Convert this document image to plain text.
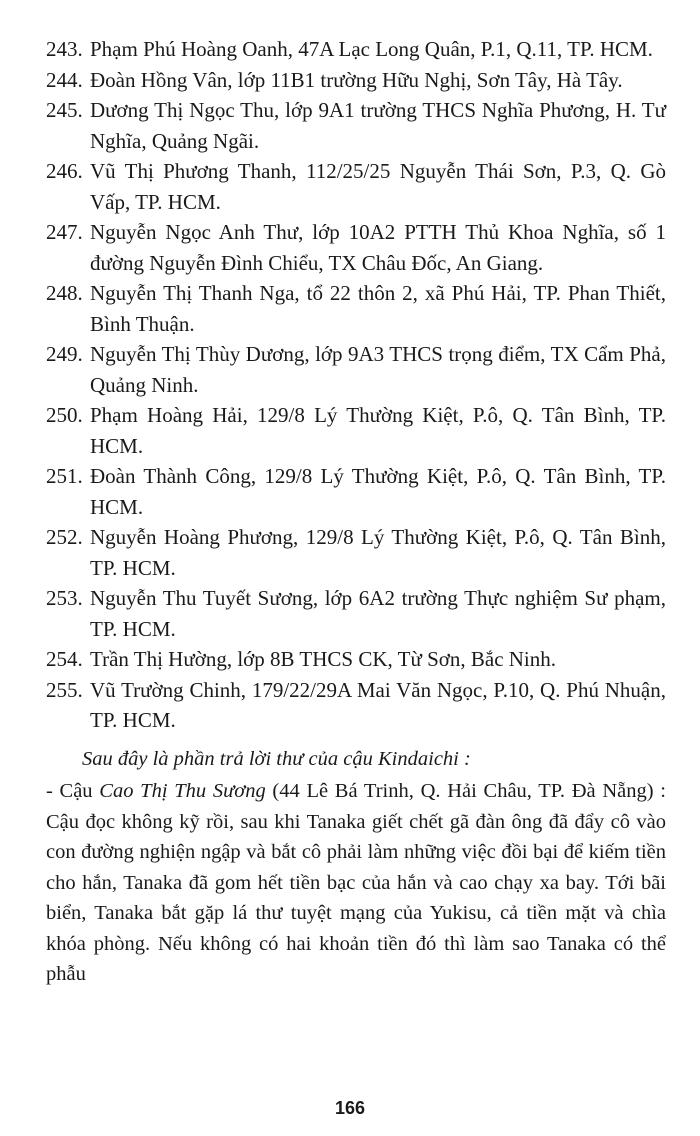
243. Phạm Phú Hoàng Oanh, 47A Lạc Long Quân, P.1, Q.11, TP. HCM.
244. Đoàn Hồng Vân, lớp 11B1 trường Hữu Nghị, Sơn Tây, Hà Tây.
245. Dương Thị Ngọc Thu, lớp 9A1 trường THCS Nghĩa Phương, H. Tư Nghĩa, Quảng Ngãi.
246. Vũ Thị Phương Thanh, 112/25/25 Nguyễn Thái Sơn, P.3, Q. Gò Vấp, TP. HCM.
247. Nguyễn Ngọc Anh Thư, lớp 10A2 PTTH Thủ Khoa Nghĩa, số 1 đường Nguyễn Đình Chiểu, TX Châu Đốc, An Giang.
248. Nguyễn Thị Thanh Nga, tổ 22 thôn 2, xã Phú Hải, TP. Phan Thiết, Bình Thuận.
249. Nguyễn Thị Thùy Dương, lớp 9A3 THCS trọng điểm, TX Cẩm Phả, Quảng Ninh.
250. Phạm Hoàng Hải, 129/8 Lý Thường Kiệt, P.ô, Q. Tân Bình, TP. HCM.
251. Đoàn Thành Công, 129/8 Lý Thường Kiệt, P.ô, Q. Tân Bình, TP. HCM.
252. Nguyễn Hoàng Phương, 129/8 Lý Thường Kiệt, P.ô, Q. Tân Bình, TP. HCM.
253. Nguyễn Thu Tuyết Sương, lớp 6A2 trường Thực nghiệm Sư phạm, TP. HCM.
254. Trần Thị Hường, lớp 8B THCS CK, Từ Sơn, Bắc Ninh.
255. Vũ Trường Chinh, 179/22/29A Mai Văn Ngọc, P.10, Q. Phú Nhuận, TP. HCM.

Sau đây là phần trả lời thư của cậu Kindaichi :

- Cậu Cao Thị Thu Sương (44 Lê Bá Trinh, Q. Hải Châu, TP. Đà Nẵng) : Cậu đọc không kỹ rồi, sau khi Tanaka giết chết gã đàn ông đã đẩy cô vào con đường nghiện ngập và bắt cô phải làm những việc đồi bại để kiếm tiền cho hắn, Tanaka đã gom hết tiền bạc của hắn và cao chạy xa bay. Tới bãi biển, Tanaka bắt gặp lá thư tuyệt mạng của Yukisu, cả tiền mặt và chìa khóa phòng. Nếu không có hai khoản tiền đó thì làm sao Tanaka có thể phẫu

166
